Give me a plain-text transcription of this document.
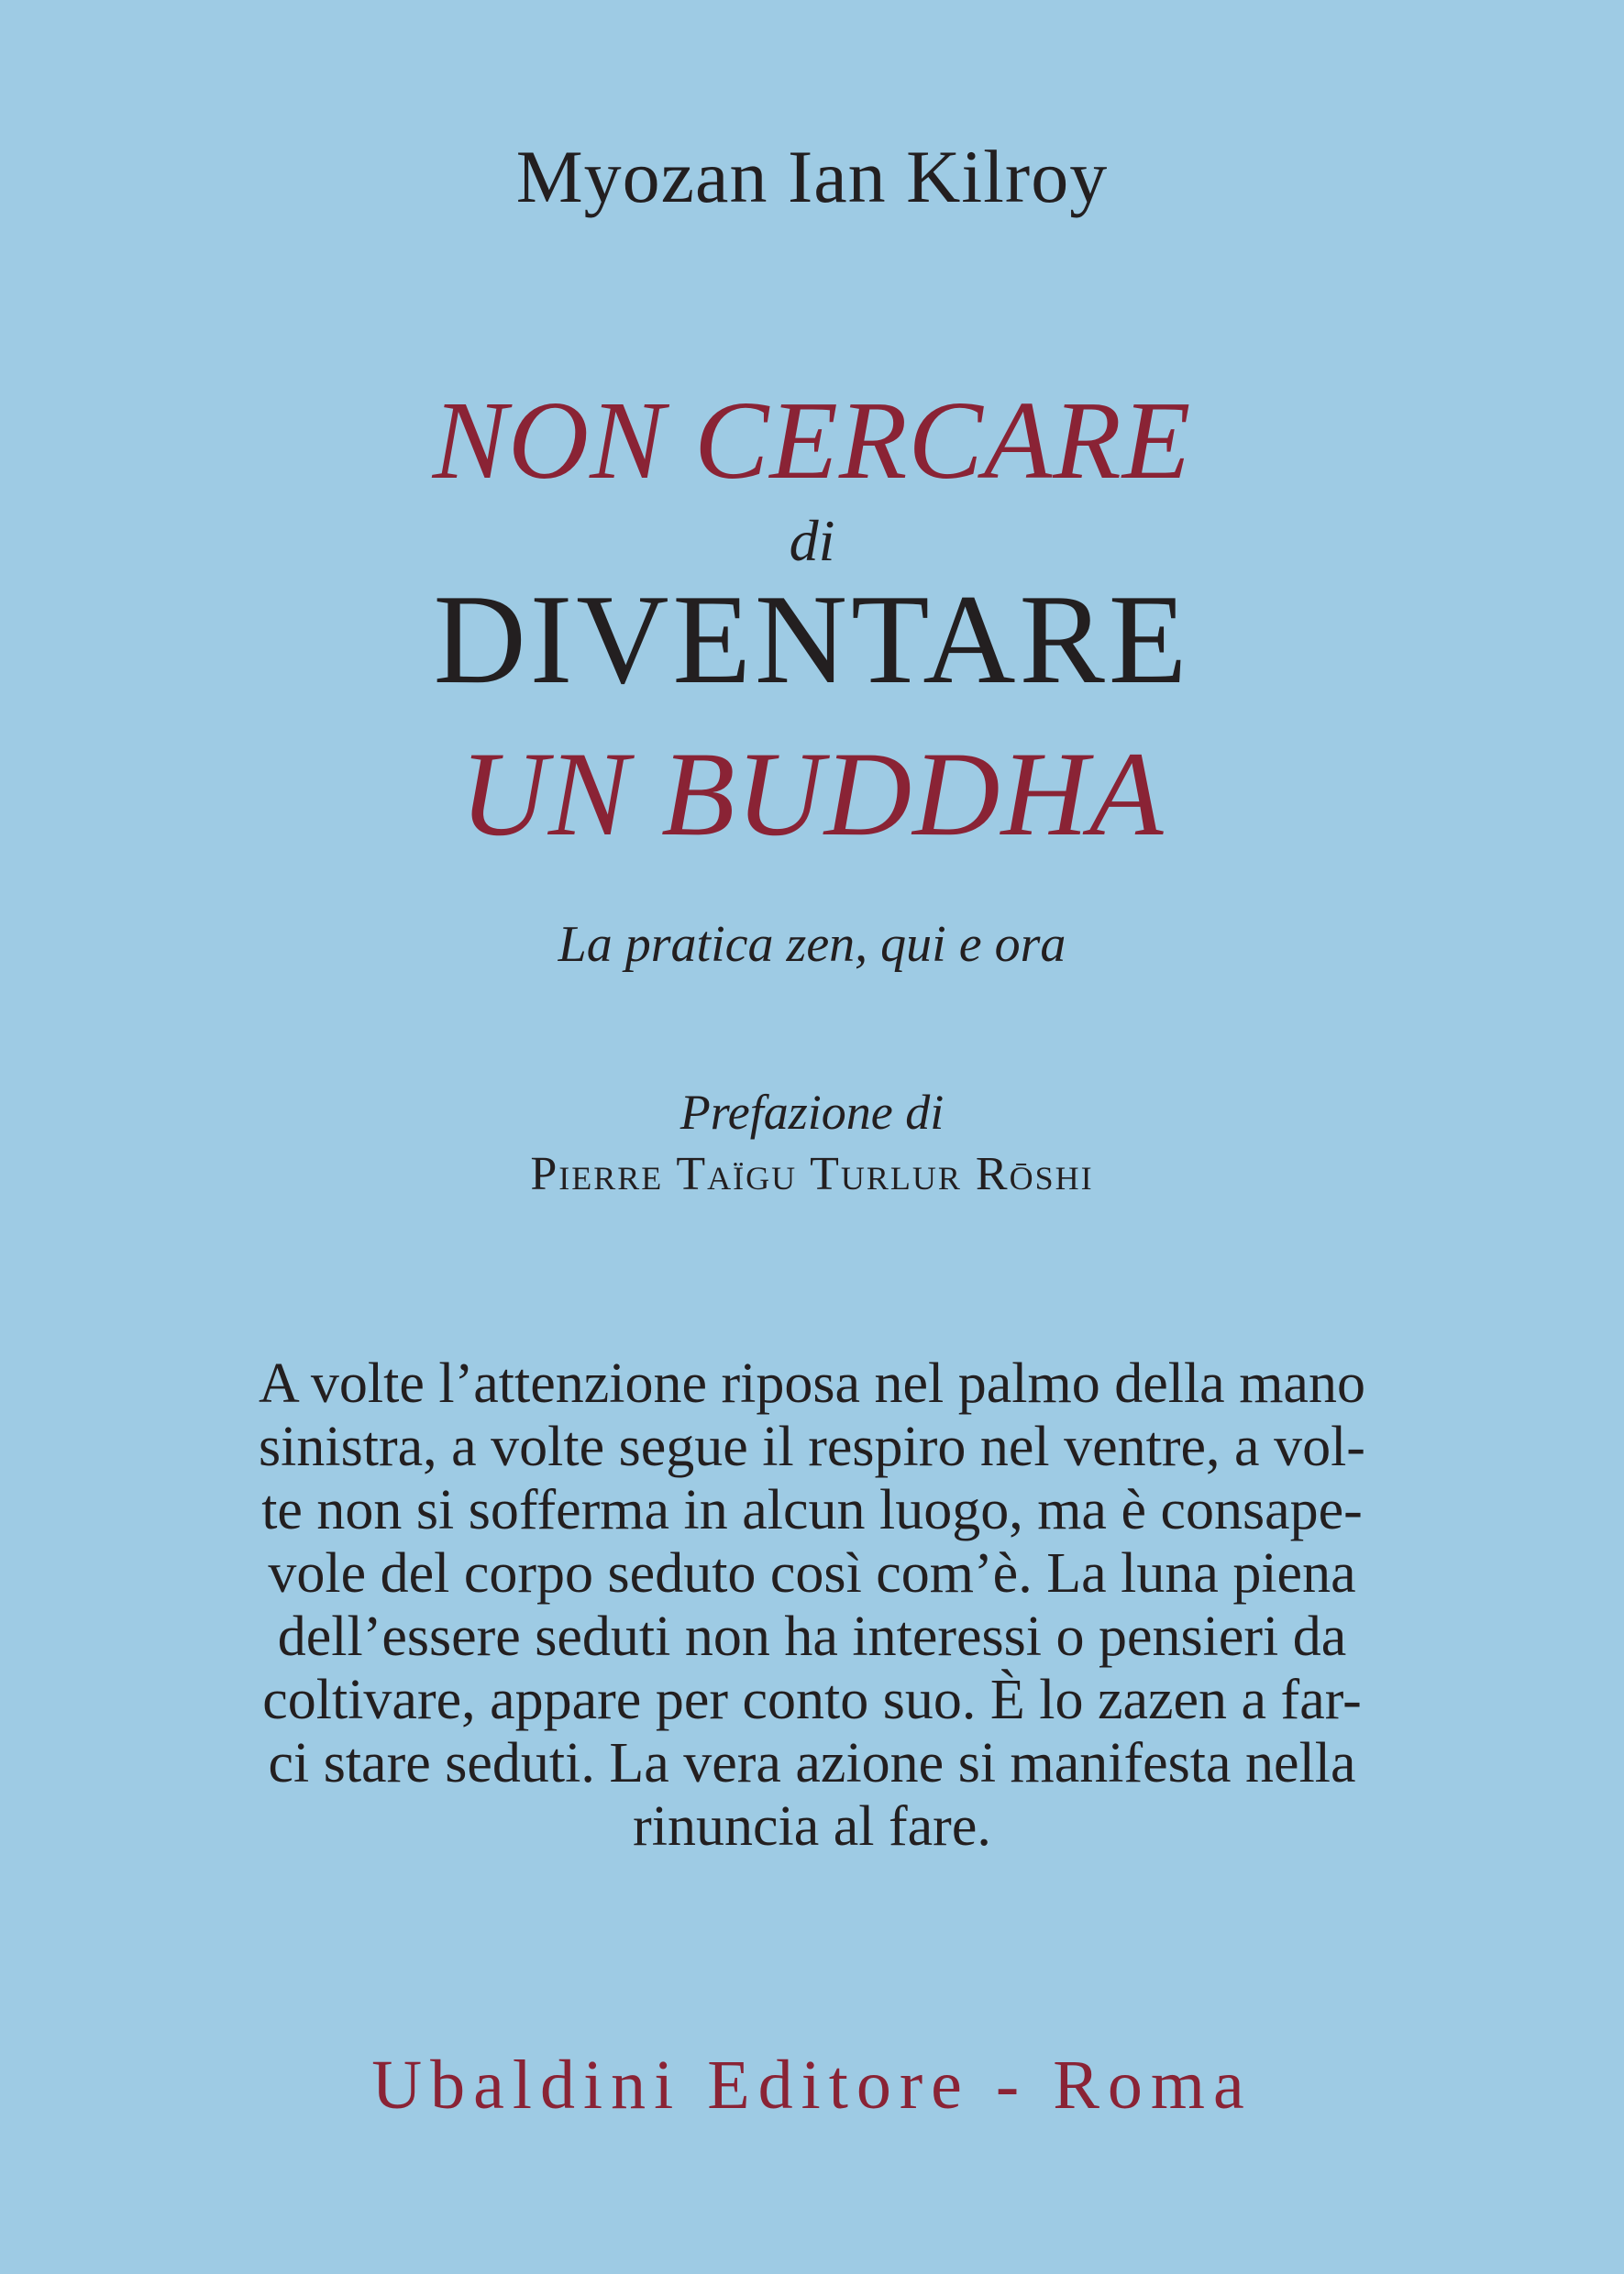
Myozan Ian Kilroy
NON CERCARE
di
DIVENTARE
UN BUDDHA
La pratica zen, qui e ora
Prefazione di
Pierre Taïgu Turlur Rōshi

A volte l’attenzione riposa nel palmo della mano
sinistra, a volte segue il respiro nel ventre, a vol-
te non si sofferma in alcun luogo, ma è consape-
vole del corpo seduto così com’è. La luna piena
dell’essere seduti non ha interessi o pensieri da
coltivare, appare per conto suo. È lo zazen a far-
ci stare seduti. La vera azione si manifesta nella
rinuncia al fare.

Ubaldini Editore - Roma
